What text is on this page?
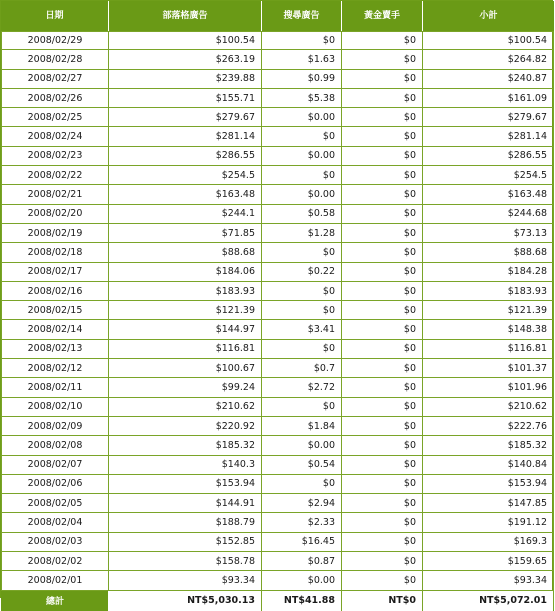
日期	部落格廣告	搜尋廣告	黃金賣手	小計
2008/02/29	$100.54	$0	$0	$100.54
2008/02/28	$263.19	$1.63	$0	$264.82
2008/02/27	$239.88	$0.99	$0	$240.87
2008/02/26	$155.71	$5.38	$0	$161.09
2008/02/25	$279.67	$0.00	$0	$279.67
2008/02/24	$281.14	$0	$0	$281.14
2008/02/23	$286.55	$0.00	$0	$286.55
2008/02/22	$254.5	$0	$0	$254.5
2008/02/21	$163.48	$0.00	$0	$163.48
2008/02/20	$244.1	$0.58	$0	$244.68
2008/02/19	$71.85	$1.28	$0	$73.13
2008/02/18	$88.68	$0	$0	$88.68
2008/02/17	$184.06	$0.22	$0	$184.28
2008/02/16	$183.93	$0	$0	$183.93
2008/02/15	$121.39	$0	$0	$121.39
2008/02/14	$144.97	$3.41	$0	$148.38
2008/02/13	$116.81	$0	$0	$116.81
2008/02/12	$100.67	$0.7	$0	$101.37
2008/02/11	$99.24	$2.72	$0	$101.96
2008/02/10	$210.62	$0	$0	$210.62
2008/02/09	$220.92	$1.84	$0	$222.76
2008/02/08	$185.32	$0.00	$0	$185.32
2008/02/07	$140.3	$0.54	$0	$140.84
2008/02/06	$153.94	$0	$0	$153.94
2008/02/05	$144.91	$2.94	$0	$147.85
2008/02/04	$188.79	$2.33	$0	$191.12
2008/02/03	$152.85	$16.45	$0	$169.3
2008/02/02	$158.78	$0.87	$0	$159.65
2008/02/01	$93.34	$0.00	$0	$93.34
總計	NT$5,030.13	NT$41.88	NT$0	NT$5,072.01
